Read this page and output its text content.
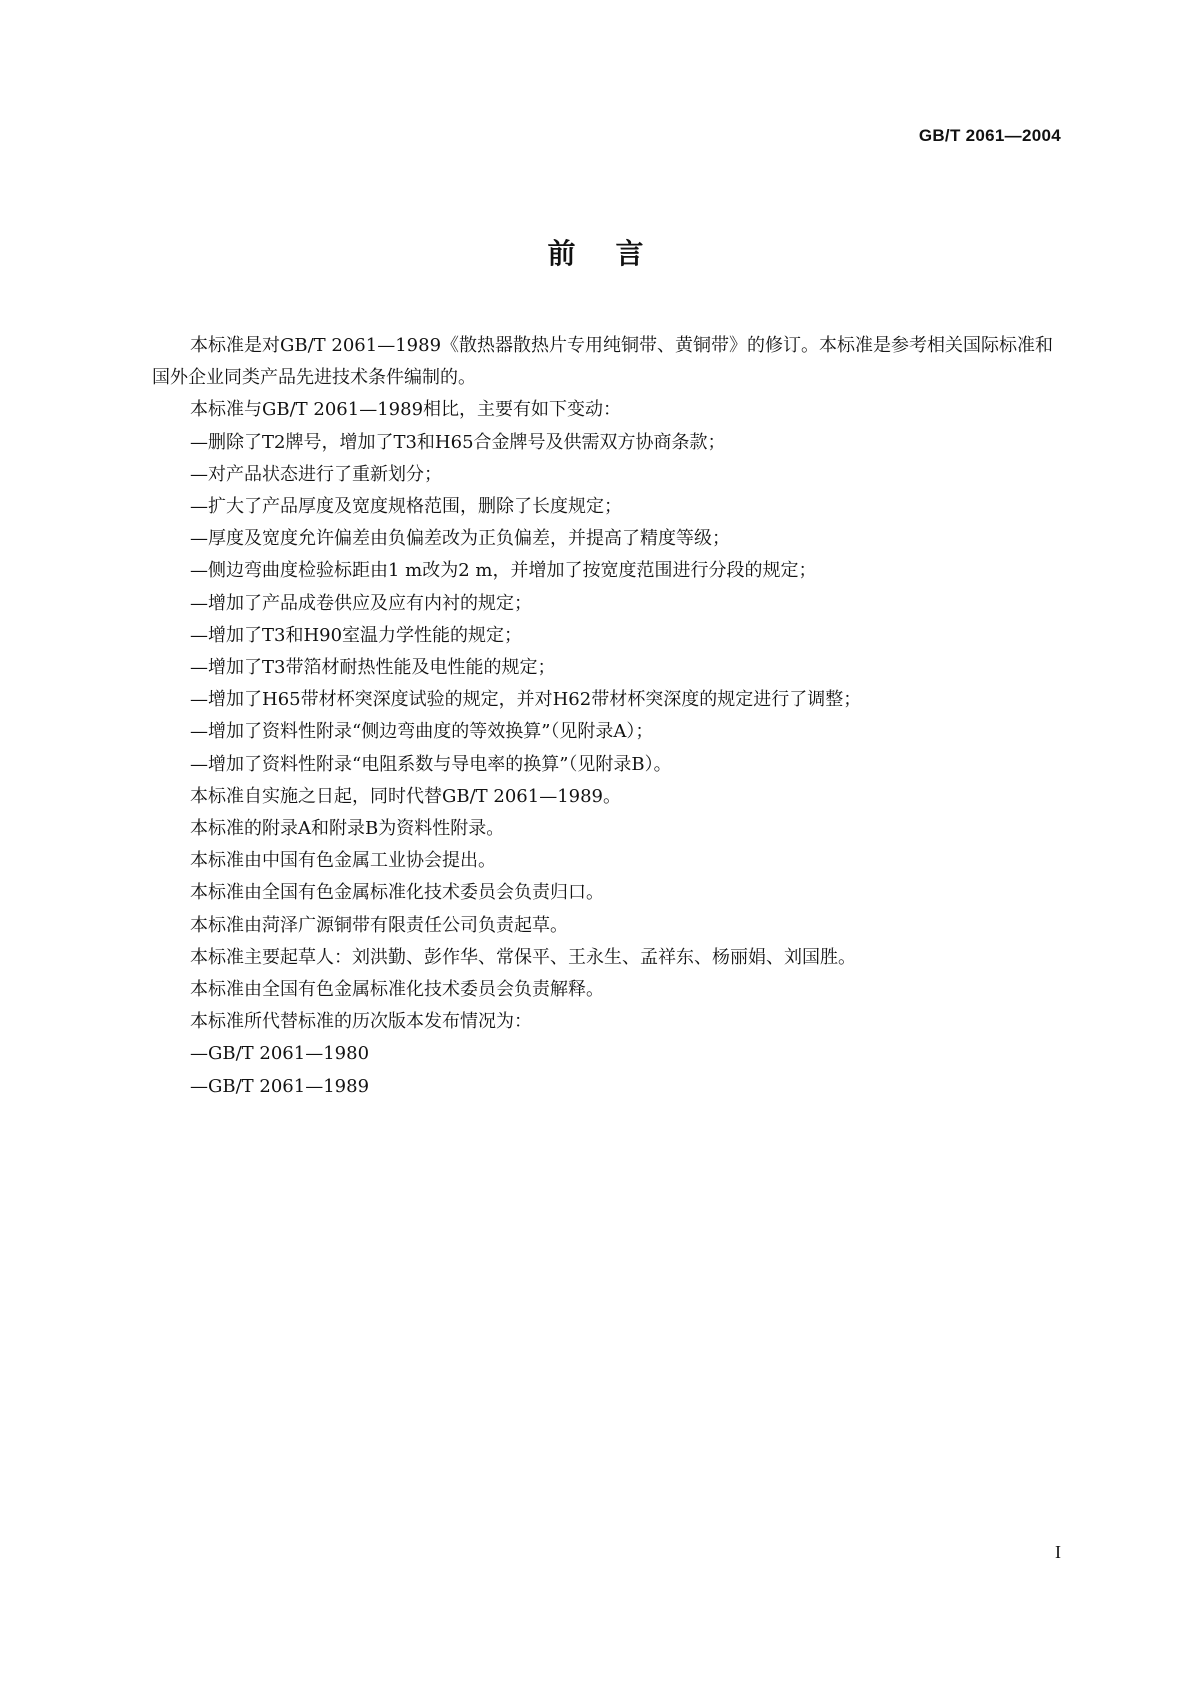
GB/T 2061—2004
前言

本标准是对GB/T 2061—1989《散热器散热片专用纯铜带、黄铜带》的修订。本标准是参考相关国际标准和国外企业同类产品先进技术条件编制的。

本标准与GB/T 2061—1989相比，主要有如下变动：

—删除了T2牌号，增加了T3和H65合金牌号及供需双方协商条款；

—对产品状态进行了重新划分；

—扩大了产品厚度及宽度规格范围，删除了长度规定；

—厚度及宽度允许偏差由负偏差改为正负偏差，并提高了精度等级；

—侧边弯曲度检验标距由1 m改为2 m，并增加了按宽度范围进行分段的规定；

—增加了产品成卷供应及应有内衬的规定；

—增加了T3和H90室温力学性能的规定；

—增加了T3带箔材耐热性能及电性能的规定；

—增加了H65带材杯突深度试验的规定，并对H62带材杯突深度的规定进行了调整；

—增加了资料性附录“侧边弯曲度的等效换算”（见附录A）；

—增加了资料性附录“电阻系数与导电率的换算”（见附录B）。

本标准自实施之日起，同时代替GB/T 2061—1989。

本标准的附录A和附录B为资料性附录。

本标准由中国有色金属工业协会提出。

本标准由全国有色金属标准化技术委员会负责归口。

本标准由菏泽广源铜带有限责任公司负责起草。

本标准主要起草人：刘洪勤、彭作华、常保平、王永生、孟祥东、杨丽娟、刘国胜。

本标准由全国有色金属标准化技术委员会负责解释。

本标准所代替标准的历次版本发布情况为：

—GB/T 2061—1980

—GB/T 2061—1989

I
